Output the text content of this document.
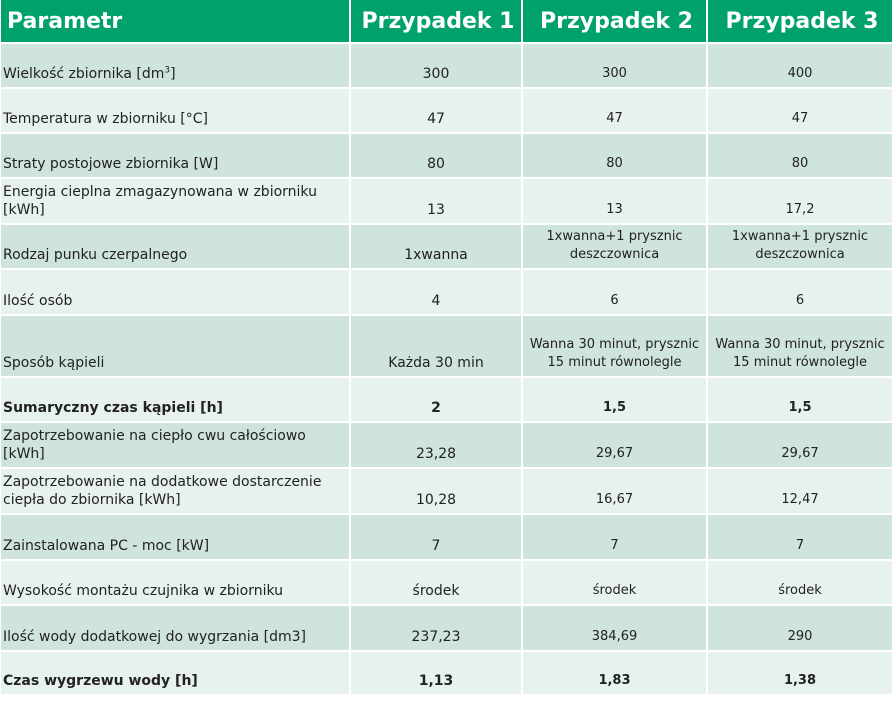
Parametr	Przypadek 1	Przypadek 2	Przypadek 3
Wielkość zbiornika $[dm^3]$	300	300	400
Temperatura w zbiorniku [°C]	47	47	47
Straty postojowe zbiornika [W]	80	80	80
Energia cieplna zmagazynowana w zbiorniku [kWh]	13	13	17,2
Rodzaj punku czerpalnego	1xwanna	1xwanna+1 prysznic deszczownica	1xwanna+1 prysznic deszczownica
Ilość osób	4	6	6
Sposób kąpieli	Każda 30 min	Wanna 30 minut, prysznic 15 minut równolegle	Wanna 30 minut, prysznic 15 minut równolegle
Sumaryczny czas kąpieli [h]	2	1,5	1,5
Zapotrzebowanie na ciepło cwu całościowo [kWh]	23,28	29,67	29,67
Zapotrzebowanie na dodatkowe dostarczenie ciepła do zbiornika [kWh]	10,28	16,67	12,47
Zainstalowana PC - moc [kW]	7	7	7
Wysokość montażu czujnika w zbiorniku	środek	środek	środek
Ilość wody dodatkowej do wygrzania [dm3]	237,23	384,69	290
Czas wygrzewu wody [h]	1,13	1,83	1,38
